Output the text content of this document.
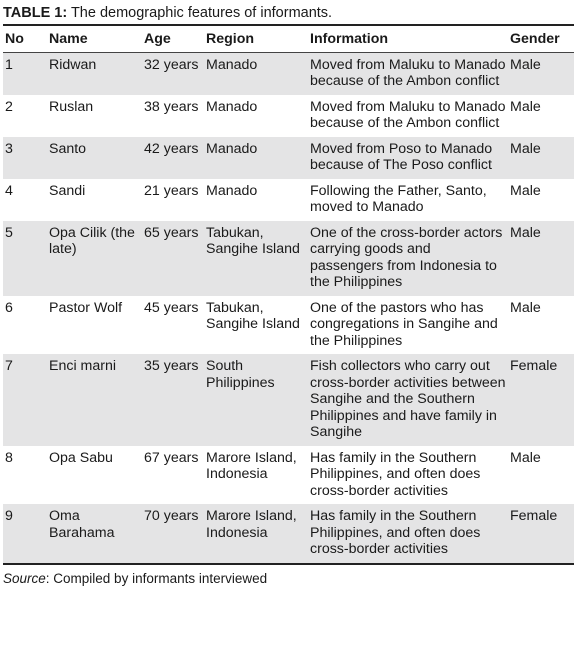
TABLE 1: The demographic features of informants.
No	Name	Age	Region	Information	Gender
1	Ridwan	32 years	Manado	Moved from Maluku to Manado because of the Ambon conflict	Male
2	Ruslan	38 years	Manado	Moved from Maluku to Manado because of the Ambon conflict	Male
3	Santo	42 years	Manado	Moved from Poso to Manado because of The Poso conflict	Male
4	Sandi	21 years	Manado	Following the Father, Santo, moved to Manado	Male
5	Opa Cilik (the late)	65 years	Tabukan, Sangihe Island	One of the cross-border actors carrying goods and passengers from Indonesia to the Philippines	Male
6	Pastor Wolf	45 years	Tabukan, Sangihe Island	One of the pastors who has congregations in Sangihe and the Philippines	Male
7	Enci marni	35 years	South Philippines	Fish collectors who carry out cross-border activities between Sangihe and the Southern Philippines and have family in Sangihe	Female
8	Opa Sabu	67 years	Marore Island, Indonesia	Has family in the Southern Philippines, and often does cross-border activities	Male
9	Oma Barahama	70 years	Marore Island, Indonesia	Has family in the Southern Philippines, and often does cross-border activities	Female
Source: Compiled by informants interviewed
